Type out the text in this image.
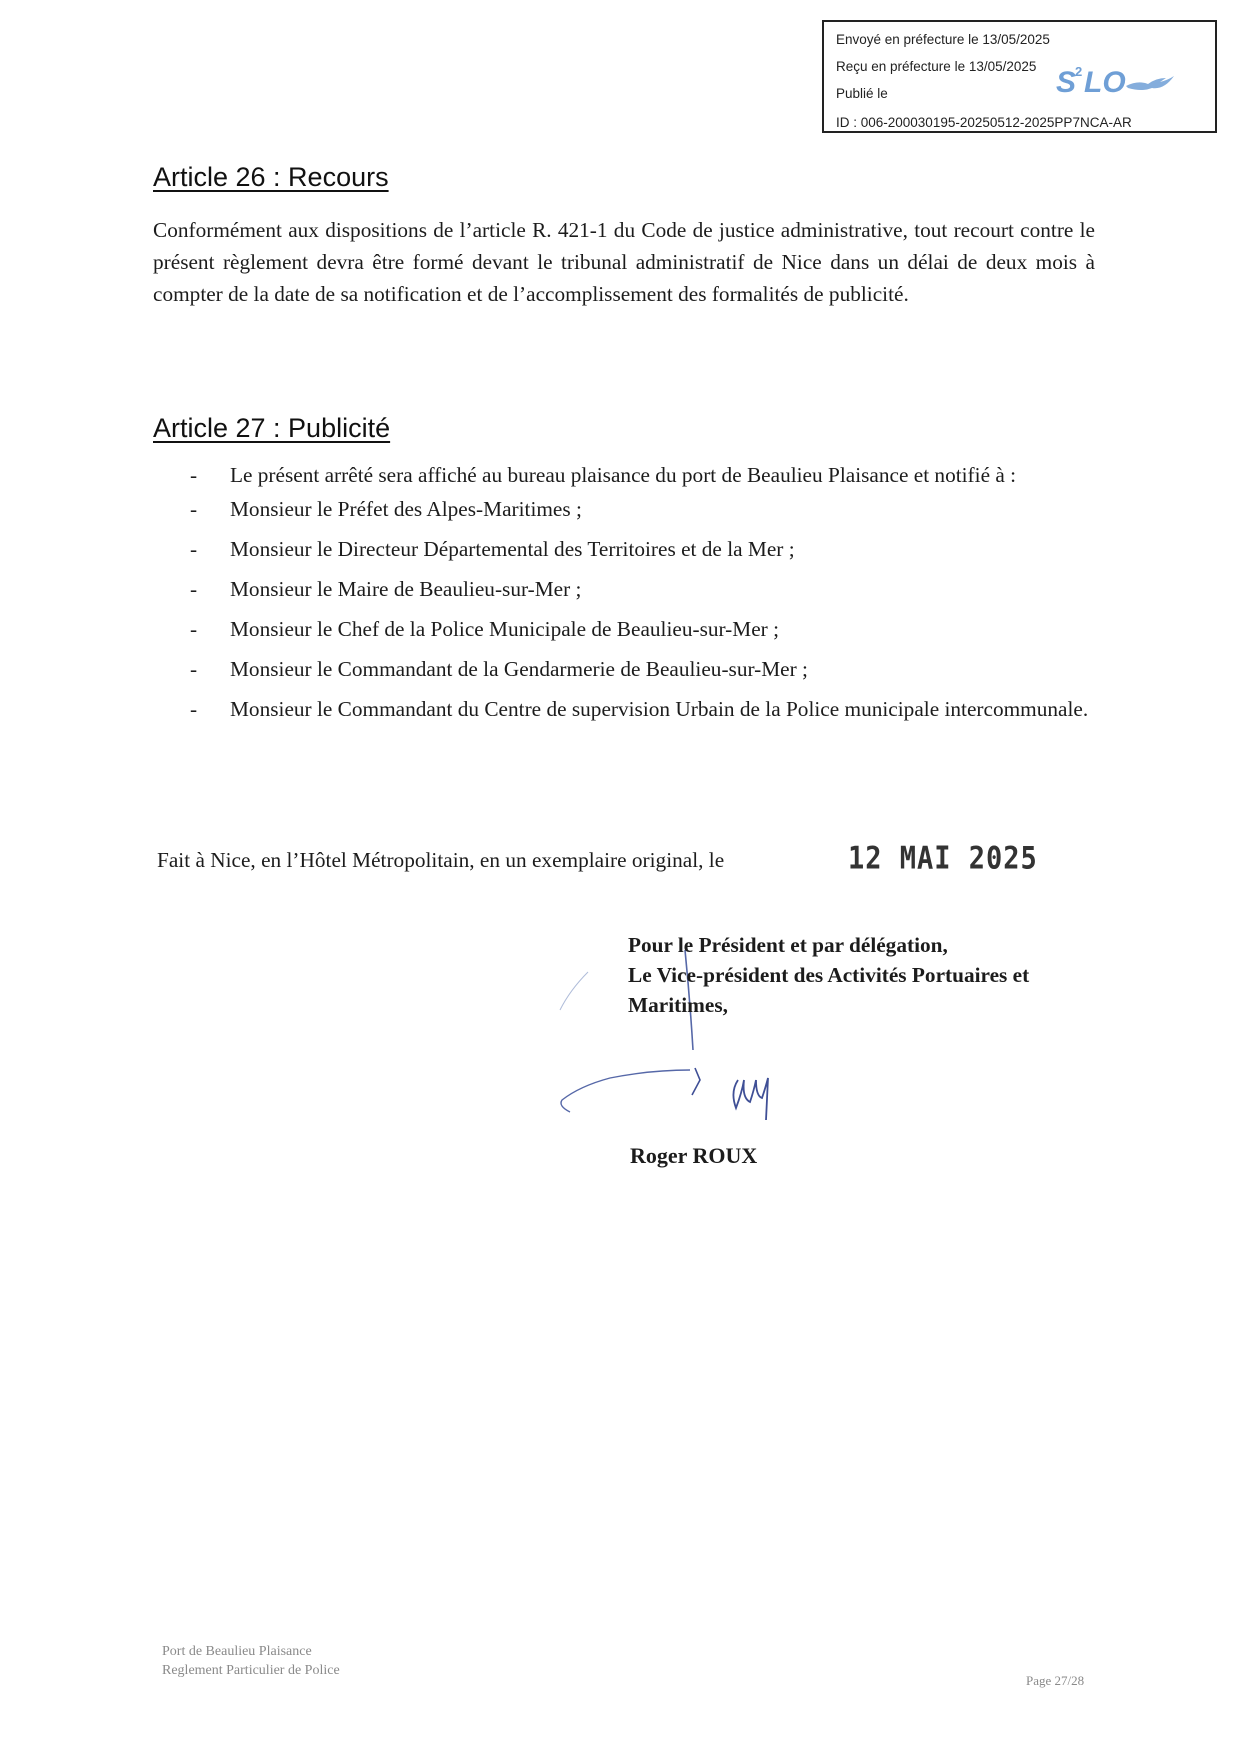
Envoyé en préfecture le 13/05/2025
Reçu en préfecture le 13/05/2025
Publié le
ID : 006-200030195-20250512-2025PP7NCA-AR
S
2 LO
Article 26 : Recours
Conformément aux dispositions de l’article R. 421-1 du Code de justice administrative, tout recourt contre le présent règlement devra être formé devant le tribunal administratif de Nice dans un délai de deux mois à compter de la date de sa notification et de l’accomplissement des formalités de publicité.
Article 27 : Publicité
- Le présent arrêté sera affiché au bureau plaisance du port de Beaulieu Plaisance et notifié à :
- Monsieur le Préfet des Alpes-Maritimes ;
- Monsieur le Directeur Départemental des Territoires et de la Mer ;
- Monsieur le Maire de Beaulieu-sur-Mer ;
- Monsieur le Chef de la Police Municipale de Beaulieu-sur-Mer ;
- Monsieur le Commandant de la Gendarmerie de Beaulieu-sur-Mer ;
- Monsieur le Commandant du Centre de supervision Urbain de la Police municipale intercommunale.
Fait à Nice, en l’Hôtel Métropolitain, en un exemplaire original, le	12 MAI 2025
Pour le Président et par délégation,
Le Vice-président des Activités Portuaires et
Maritimes,
Roger ROUX
Port de Beaulieu Plaisance
Reglement Particulier de Police
Page 27/28
